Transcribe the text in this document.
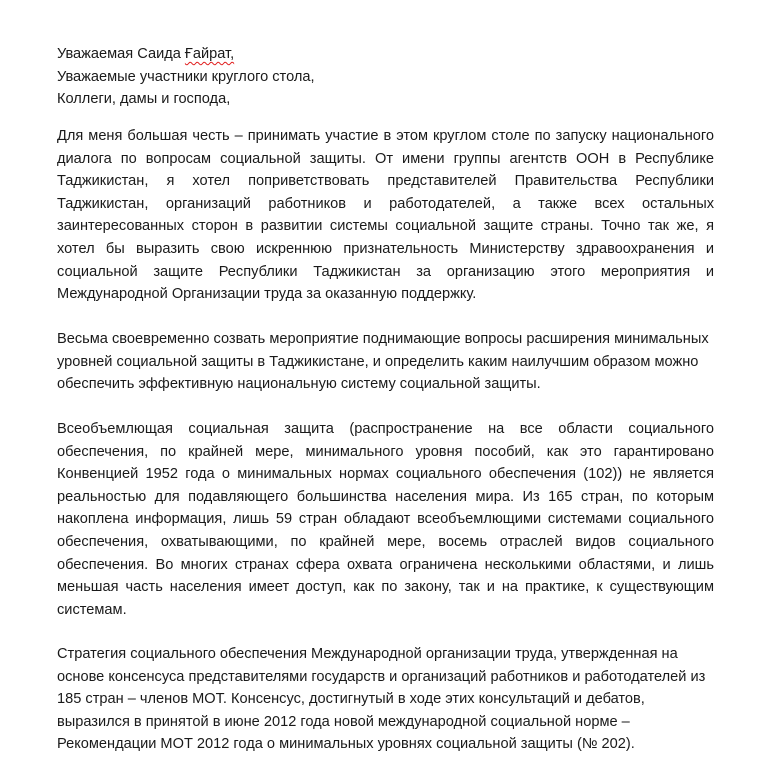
Уважаемая Саида Ғайрат,
Уважаемые участники круглого стола,
Коллеги, дамы и господа,

Для меня большая честь – принимать участие в этом круглом столе по запуску национального диалога по вопросам социальной защиты. От имени группы агентств ООН в Республике Таджикистан, я хотел поприветствовать представителей Правительства Республики Таджикистан, организаций работников и работодателей, а также всех остальных заинтересованных сторон в развитии системы социальной защите страны. Точно так же, я хотел бы выразить свою искреннюю признательность Министерству здравоохранения и социальной защите Республики Таджикистан за организацию этого мероприятия и Международной Организации труда за оказанную поддержку.

Весьма своевременно созвать мероприятие поднимающие вопросы расширения минимальных уровней социальной защиты в Таджикистане, и определить каким наилучшим образом можно обеспечить эффективную национальную систему социальной защиты.

Всеобъемлющая социальная защита (распространение на все области социального обеспечения, по крайней мере, минимального уровня пособий, как это гарантировано Конвенцией 1952 года о минимальных нормах социального обеспечения (102)) не является реальностью для подавляющего большинства населения мира. Из 165 стран, по которым накоплена информация, лишь 59 стран обладают всеобъемлющими системами социального обеспечения, охватывающими, по крайней мере, восемь отраслей видов социального обеспечения. Во многих странах сфера охвата ограничена несколькими областями, и лишь меньшая часть населения имеет доступ, как по закону, так и на практике, к существующим системам.

Стратегия социального обеспечения Международной организации труда, утвержденная на основе консенсуса представителями государств и организаций работников и работодателей из 185 стран – членов МОТ. Консенсус, достигнутый в ходе этих консультаций и дебатов, выразился в принятой в июне 2012 года новой международной социальной норме – Рекомендации МОТ 2012 года о минимальных уровнях социальной защиты (№ 202).
